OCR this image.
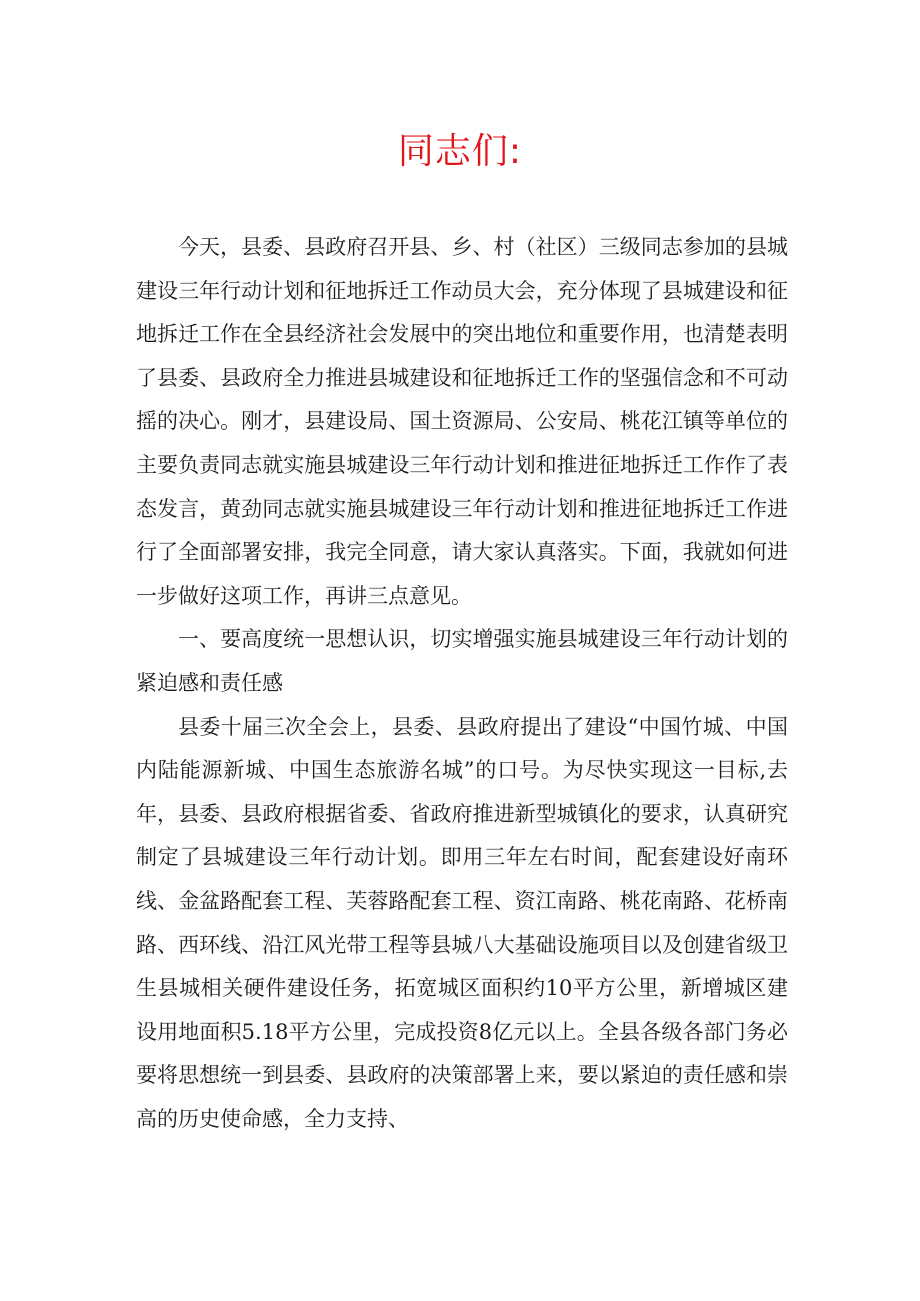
同志们:

今天，县委、县政府召开县、乡、村（社区）三级同志参加的县城建设三年行动计划和征地拆迁工作动员大会，充分体现了县城建设和征地拆迁工作在全县经济社会发展中的突出地位和重要作用，也清楚表明了县委、县政府全力推进县城建设和征地拆迁工作的坚强信念和不可动摇的决心。刚才，县建设局、国土资源局、公安局、桃花江镇等单位的主要负责同志就实施县城建设三年行动计划和推进征地拆迁工作作了表态发言，黄劲同志就实施县城建设三年行动计划和推进征地拆迁工作进行了全面部署安排，我完全同意，请大家认真落实。下面，我就如何进一步做好这项工作，再讲三点意见。

一、要高度统一思想认识，切实增强实施县城建设三年行动计划的紧迫感和责任感

县委十届三次全会上，县委、县政府提出了建设“中国竹城、中国内陆能源新城、中国生态旅游名城”的口号。为尽快实现这一目标,去年，县委、县政府根据省委、省政府推进新型城镇化的要求，认真研究制定了县城建设三年行动计划。即用三年左右时间，配套建设好南环线、金盆路配套工程、芙蓉路配套工程、资江南路、桃花南路、花桥南路、西环线、沿江风光带工程等县城八大基础设施项目以及创建省级卫生县城相关硬件建设任务，拓宽城区面积约10平方公里，新增城区建设用地面积5.18平方公里，完成投资8亿元以上。全县各级各部门务必要将思想统一到县委、县政府的决策部署上来，要以紧迫的责任感和崇高的历史使命感，全力支持、
